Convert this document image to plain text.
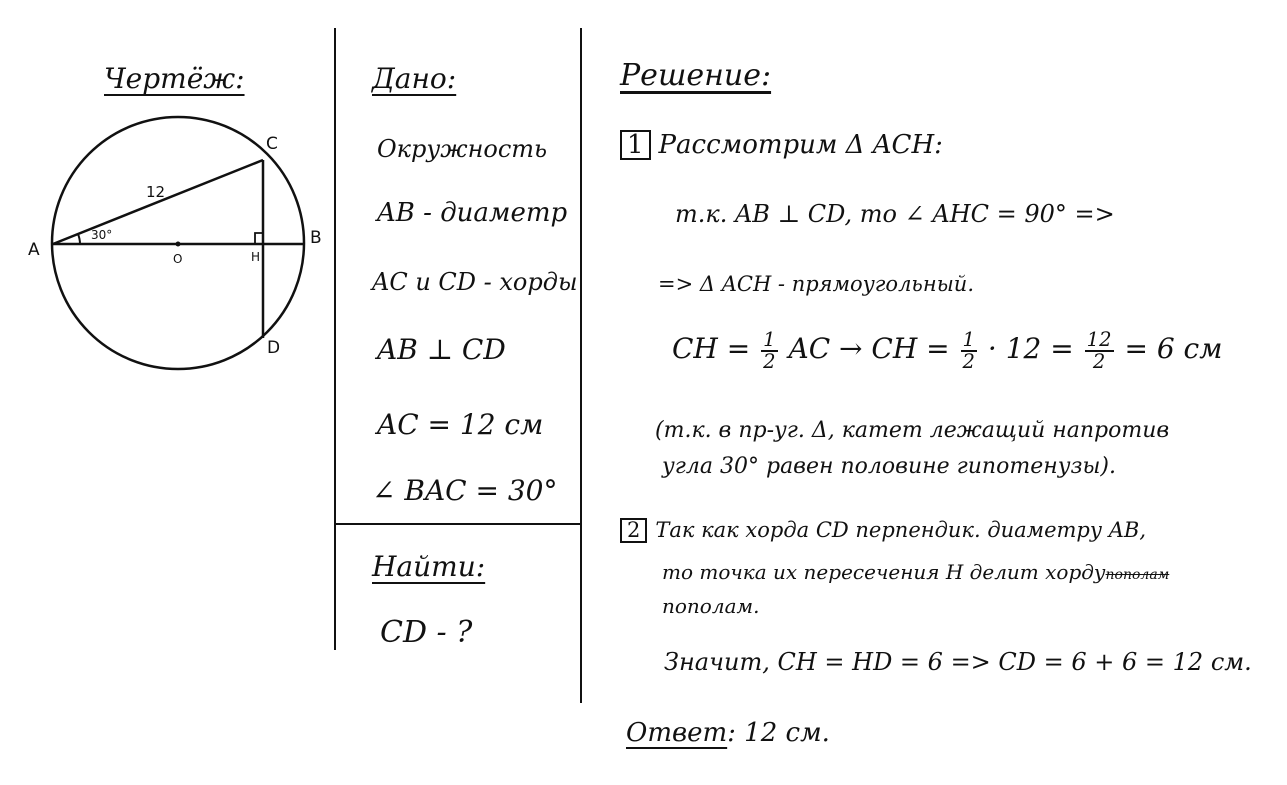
Чертёж:
A
B
C
D
O	H
12
30°
Дано:
Окружность
AB - диаметр
AC и CD - хорды
AB ⊥ CD
AC = 12 см
∠ BAC = 30°
Найти:
CD - ?
Решение:
1 Рассмотрим Δ ACH:
т.к. AB ⊥ CD, то ∠ AHC = 90° =>
=> Δ ACH - прямоугольный.
CH = $\frac{1}{2}$ AC → CH = $\frac{1}{2} \cdot 12 = \frac{12}{2} = 6$ см
(т.к. в пр-уг. Δ, катет лежащий напротив
угла 30° равен половине гипотенузы).
2 Так как хорда CD перпендик. диаметру AB,
то точка их пересечения H делит хордупополам
пополам.
Значит, CH = HD = 6 => CD = 6 + 6 = 12 см.
Ответ: 12 см.
